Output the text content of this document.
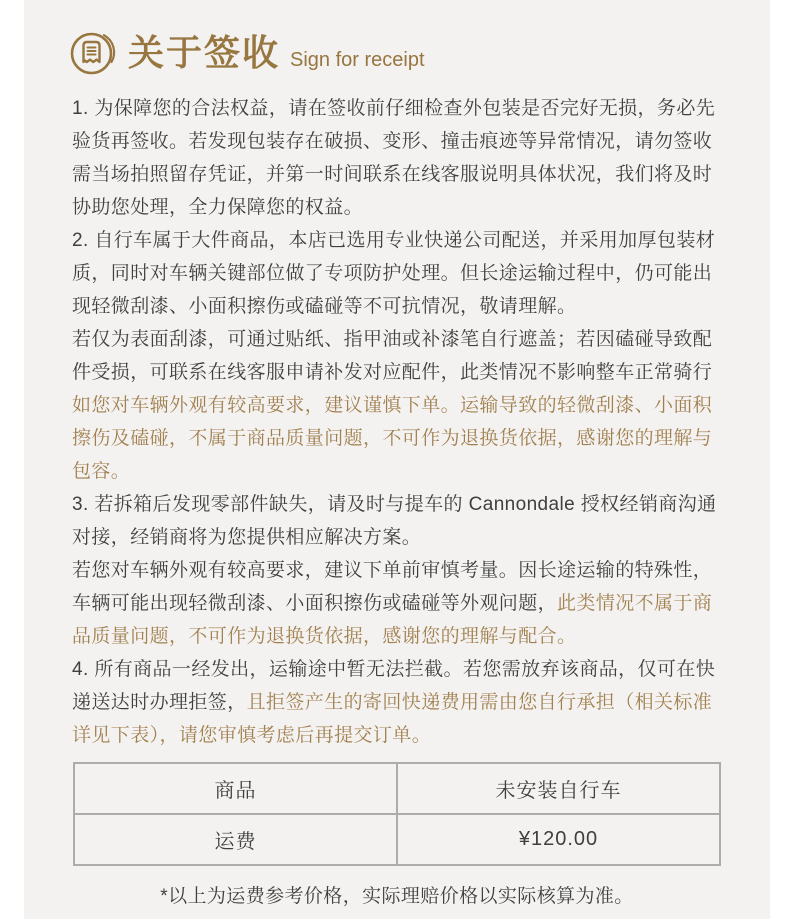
关于签收 Sign for receipt

1. 为保障您的合法权益，请在签收前仔细检查外包装是否完好无损，务必先验货再签收。若发现包装存在破损、变形、撞击痕迹等异常情况，请勿签收需当场拍照留存凭证，并第一时间联系在线客服说明具体状况，我们将及时协助您处理，全力保障您的权益。

2. 自行车属于大件商品，本店已选用专业快递公司配送，并采用加厚包装材质，同时对车辆关键部位做了专项防护处理。但长途运输过程中，仍可能出现轻微刮漆、小面积擦伤或磕碰等不可抗情况，敬请理解。

若仅为表面刮漆，可通过贴纸、指甲油或补漆笔自行遮盖；若因磕碰导致配件受损，可联系在线客服申请补发对应配件，此类情况不影响整车正常骑行

如您对车辆外观有较高要求，建议谨慎下单。运输导致的轻微刮漆、小面积擦伤及磕碰，不属于商品质量问题，不可作为退换货依据，感谢您的理解与包容。

3. 若拆箱后发现零部件缺失，请及时与提车的 Cannondale 授权经销商沟通对接，经销商将为您提供相应解决方案。

若您对车辆外观有较高要求，建议下单前审慎考量。因长途运输的特殊性，车辆可能出现轻微刮漆、小面积擦伤或磕碰等外观问题，此类情况不属于商品质量问题，不可作为退换货依据，感谢您的理解与配合。

4. 所有商品一经发出，运输途中暂无法拦截。若您需放弃该商品，仅可在快递送达时办理拒签，且拒签产生的寄回快递费用需由您自行承担（相关标准详见下表），请您审慎考虑后再提交订单。

商品	未安装自行车
运费	¥120.00
*以上为运费参考价格，实际理赔价格以实际核算为准。
